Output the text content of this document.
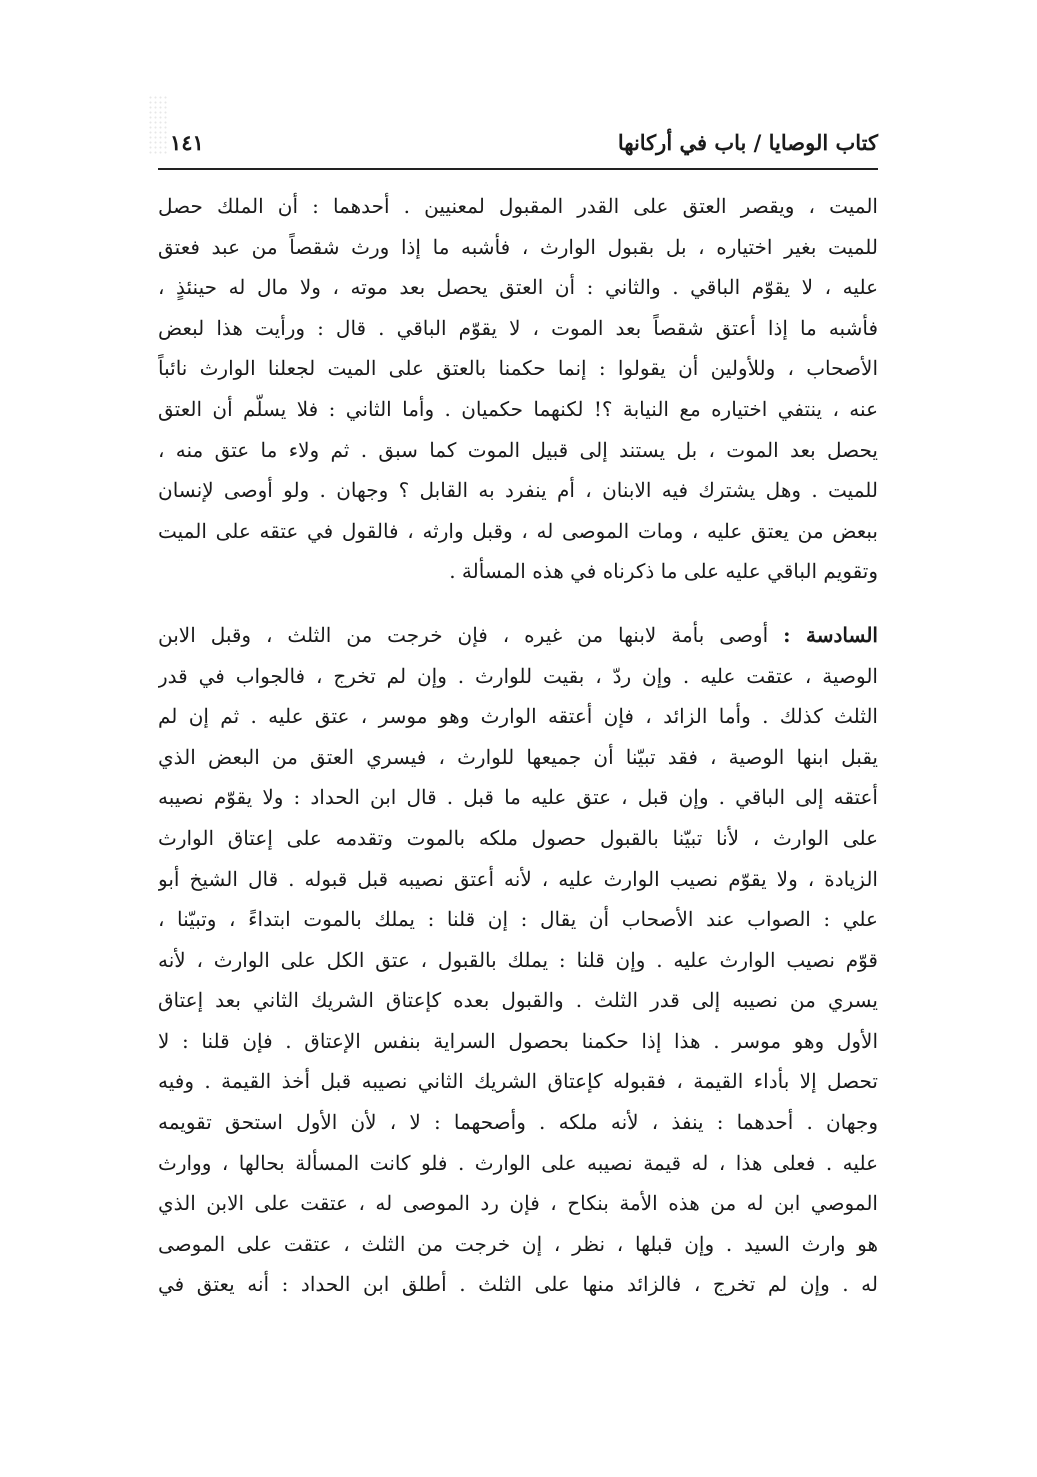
كتاب الوصايا / باب في أركانها
١٤١
الميت ، ويقصر العتق على القدر المقبول لمعنيين . أحدهما : أن الملك حصل
للميت بغير اختياره ، بل بقبول الوارث ، فأشبه ما إذا ورث شقصاً من عبد فعتق
عليه ، لا يقوّم الباقي . والثاني : أن العتق يحصل بعد موته ، ولا مال له حينئذٍ ،
فأشبه ما إذا أعتق شقصاً بعد الموت ، لا يقوّم الباقي . قال : ورأيت هذا لبعض
الأصحاب ، وللأولين أن يقولوا : إنما حكمنا بالعتق على الميت لجعلنا الوارث نائباً
عنه ، ينتفي اختياره مع النيابة ؟! لكنهما حكميان . وأما الثاني : فلا يسلّم أن العتق
يحصل بعد الموت ، بل يستند إلى قبيل الموت كما سبق . ثم ولاء ما عتق منه ،
للميت . وهل يشترك فيه الابنان ، أم ينفرد به القابل ؟ وجهان . ولو أوصى لإنسان
ببعض من يعتق عليه ، ومات الموصى له ، وقبل وارثه ، فالقول في عتقه على الميت
وتقويم الباقي عليه على ما ذكرناه في هذه المسألة .
السادسة : أوصى بأمة لابنها من غيره ، فإن خرجت من الثلث ، وقبل الابن
الوصية ، عتقت عليه . وإن ردّ ، بقيت للوارث . وإن لم تخرج ، فالجواب في قدر
الثلث كذلك . وأما الزائد ، فإن أعتقه الوارث وهو موسر ، عتق عليه . ثم إن لم
يقبل ابنها الوصية ، فقد تبيّنا أن جميعها للوارث ، فيسري العتق من البعض الذي
أعتقه إلى الباقي . وإن قبل ، عتق عليه ما قبل . قال ابن الحداد : ولا يقوّم نصيبه
على الوارث ، لأنا تبيّنا بالقبول حصول ملكه بالموت وتقدمه على إعتاق الوارث
الزيادة ، ولا يقوّم نصيب الوارث عليه ، لأنه أعتق نصيبه قبل قبوله . قال الشيخ أبو
علي : الصواب عند الأصحاب أن يقال : إن قلنا : يملك بالموت ابتداءً ، وتبيّنا ،
قوّم نصيب الوارث عليه . وإن قلنا : يملك بالقبول ، عتق الكل على الوارث ، لأنه
يسري من نصيبه إلى قدر الثلث . والقبول بعده كإعتاق الشريك الثاني بعد إعتاق
الأول وهو موسر . هذا إذا حكمنا بحصول السراية بنفس الإعتاق . فإن قلنا : لا
تحصل إلا بأداء القيمة ، فقبوله كإعتاق الشريك الثاني نصيبه قبل أخذ القيمة . وفيه
وجهان . أحدهما : ينفذ ، لأنه ملكه . وأصحهما : لا ، لأن الأول استحق تقويمه
عليه . فعلى هذا ، له قيمة نصيبه على الوارث . فلو كانت المسألة بحالها ، ووارث
الموصي ابن له من هذه الأمة بنكاح ، فإن رد الموصى له ، عتقت على الابن الذي
هو وارث السيد . وإن قبلها ، نظر ، إن خرجت من الثلث ، عتقت على الموصى
له . وإن لم تخرج ، فالزائد منها على الثلث . أطلق ابن الحداد : أنه يعتق في
